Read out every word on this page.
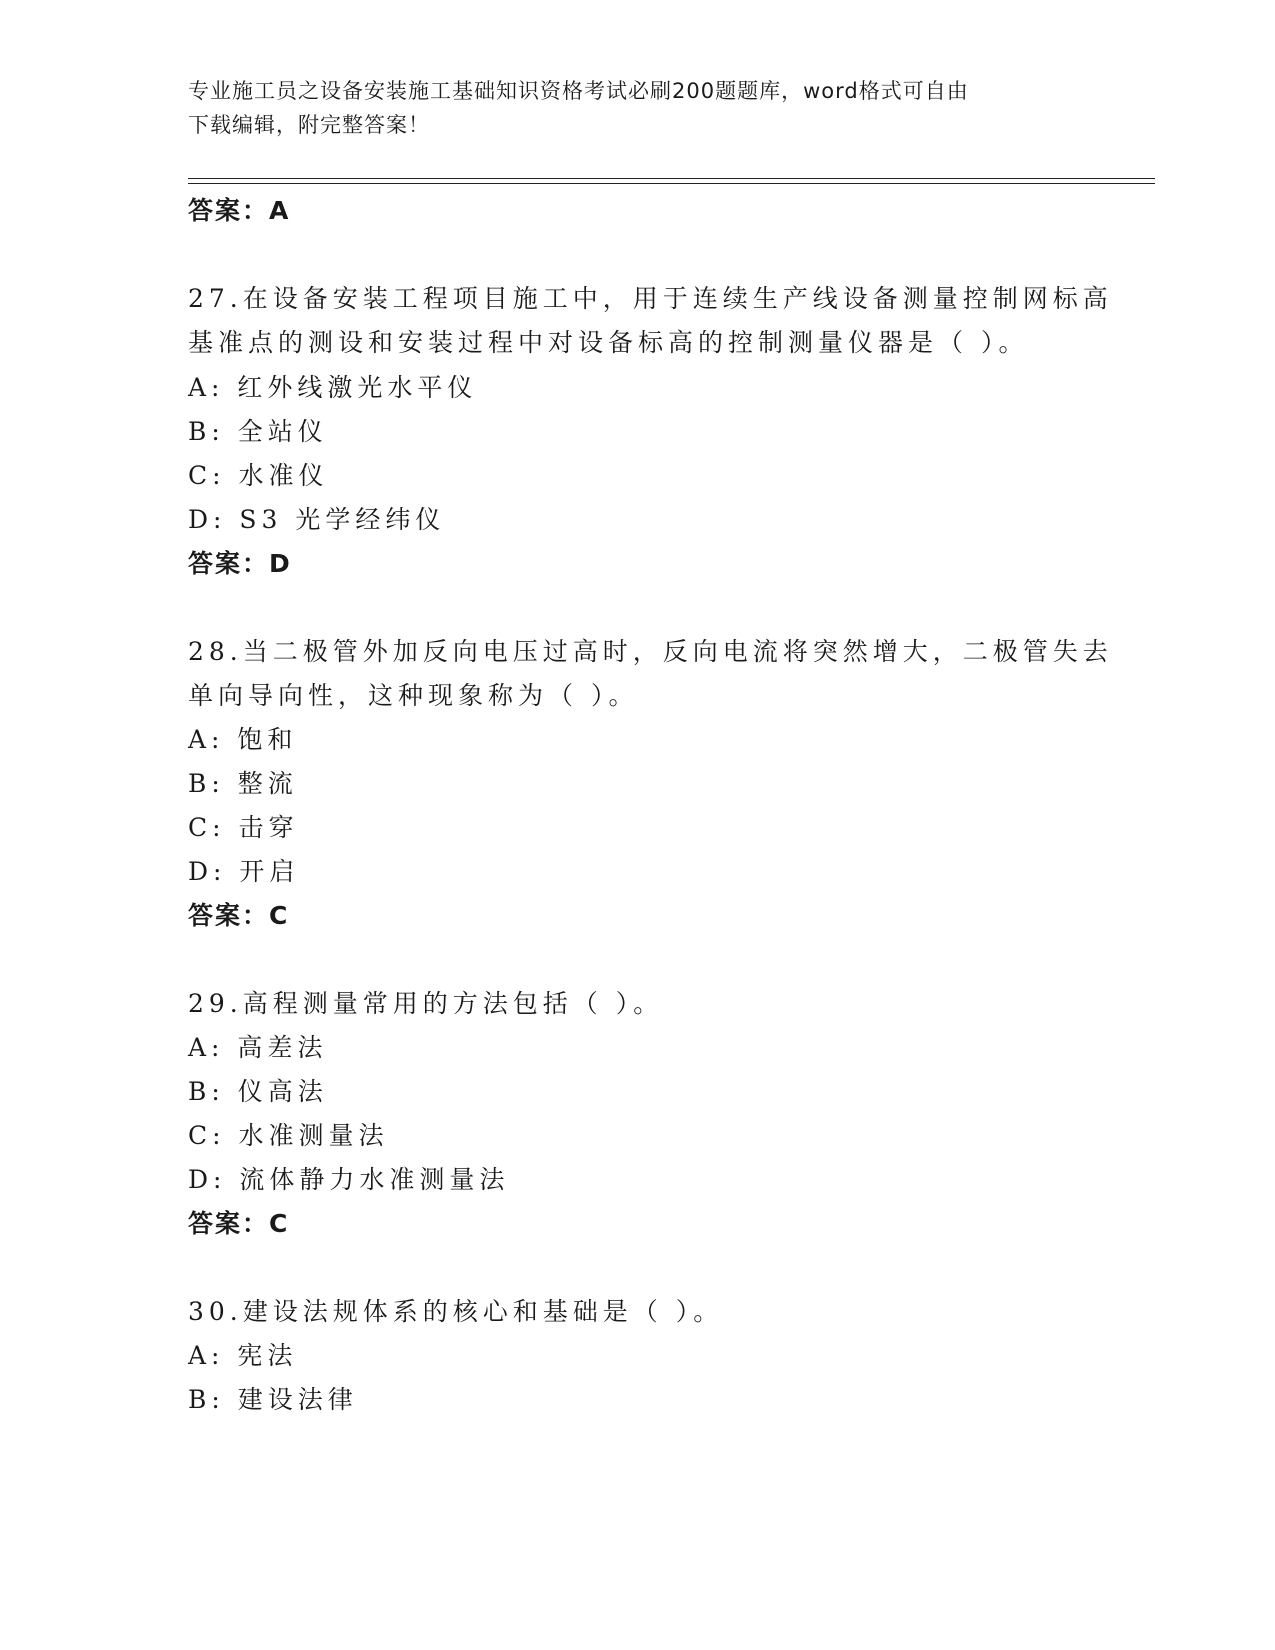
专业施工员之设备安装施工基础知识资格考试必刷200题题库，word格式可自由
下载编辑，附完整答案！
答案：A
27.在设备安装工程项目施工中，用于连续生产线设备测量控制网标高
基准点的测设和安装过程中对设备标高的控制测量仪器是（ ）。
A: 红外线激光水平仪
B: 全站仪
C: 水准仪
D: S3 光学经纬仪
答案：D
28.当二极管外加反向电压过高时，反向电流将突然增大，二极管失去
单向导向性，这种现象称为（ ）。
A: 饱和
B: 整流
C: 击穿
D: 开启
答案：C
29.高程测量常用的方法包括（ ）。
A: 高差法
B: 仪高法
C: 水准测量法
D: 流体静力水准测量法
答案：C
30.建设法规体系的核心和基础是（ ）。
A: 宪法
B: 建设法律
